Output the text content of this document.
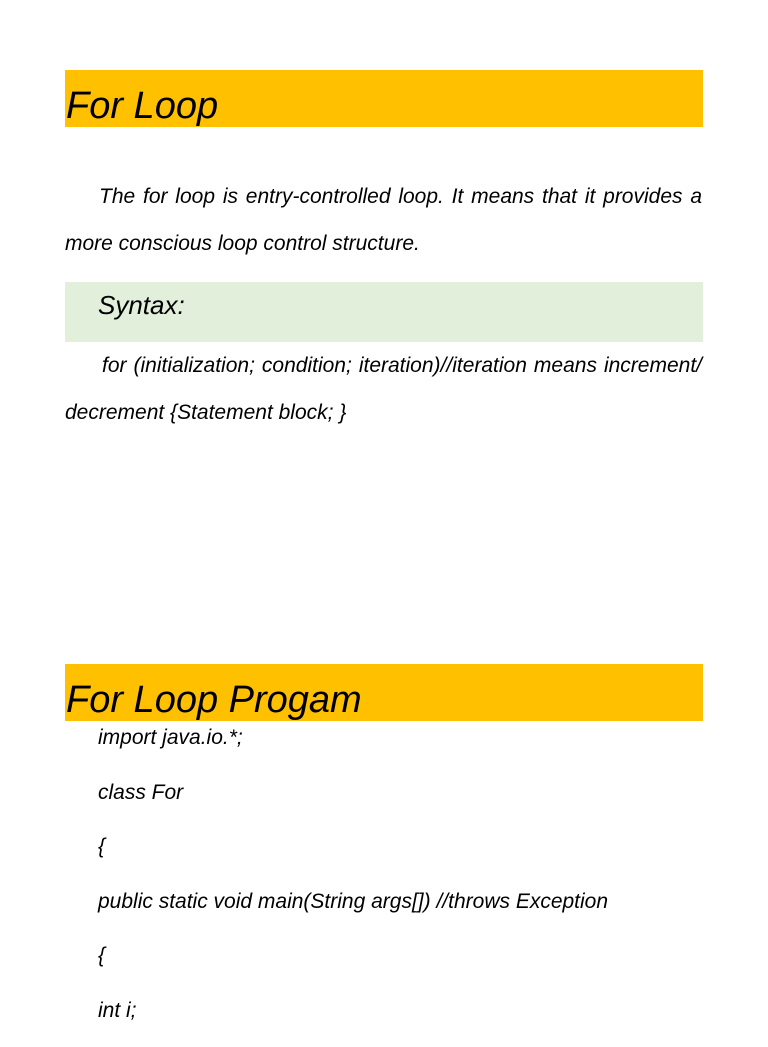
For Loop

The for loop is entry-controlled loop. It means that it provides a more conscious loop control structure.

Syntax:

for (initialization; condition; iteration)//iteration means increment/ decrement {Statement block; }

For Loop Progam
import java.io.*;
class For
{
public static void main(String args[]) //throws Exception
{
int i;
